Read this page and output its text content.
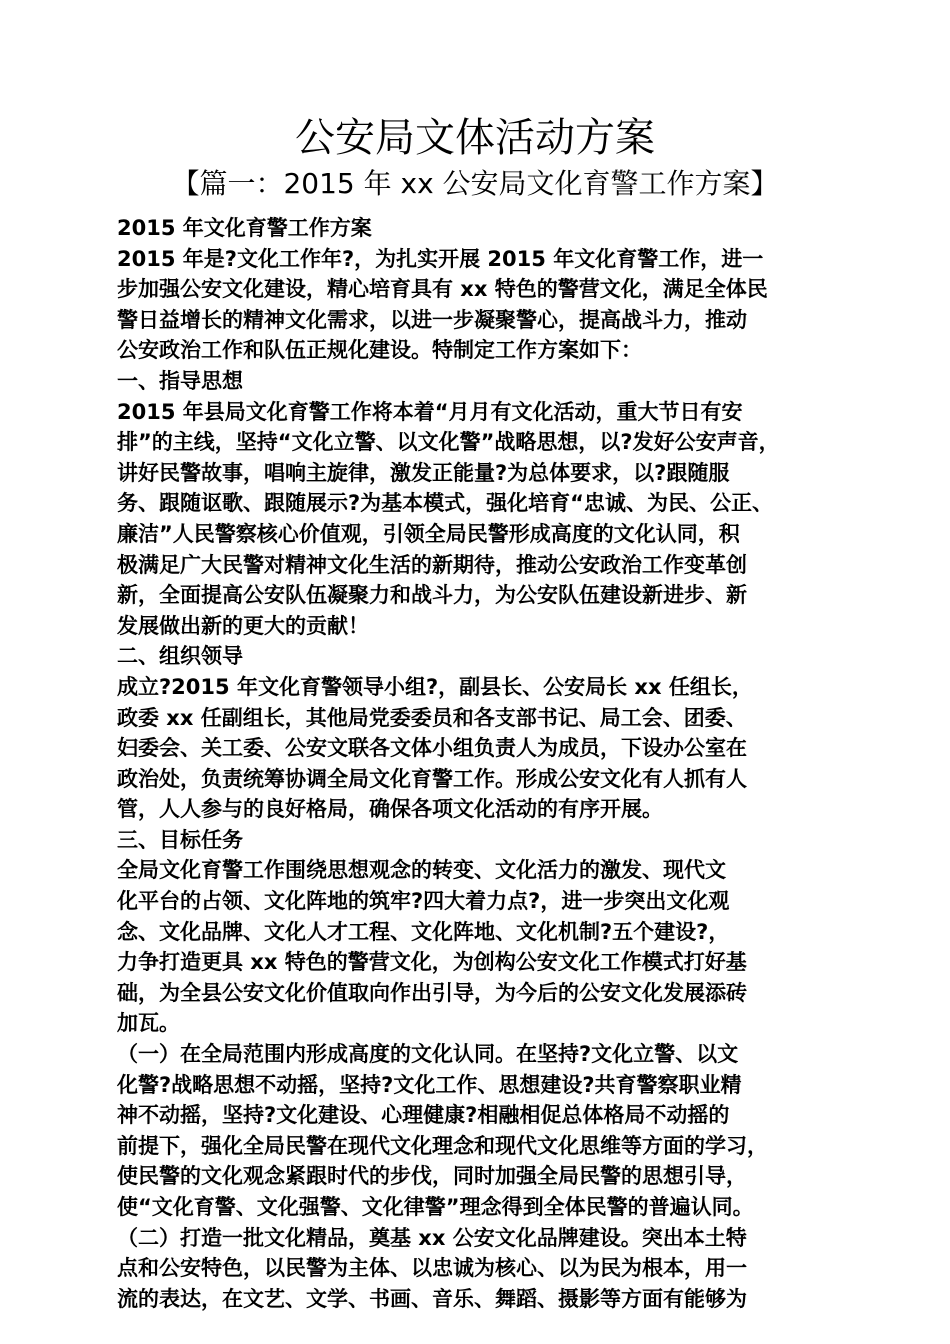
公安局文体活动方案
【篇一：2015 年 xx 公安局文化育警工作方案】
2015 年文化育警工作方案
2015 年是?文化工作年?，为扎实开展 2015 年文化育警工作，进一
步加强公安文化建设，精心培育具有 xx 特色的警营文化，满足全体民
警日益增长的精神文化需求，以进一步凝聚警心，提高战斗力，推动
公安政治工作和队伍正规化建设。特制定工作方案如下：
一、指导思想
2015 年县局文化育警工作将本着“月月有文化活动，重大节日有安
排”的主线，坚持“文化立警、以文化警”战略思想，以?发好公安声音，
讲好民警故事，唱响主旋律，激发正能量?为总体要求，以?跟随服
务、跟随讴歌、跟随展示?为基本模式，强化培育“忠诚、为民、公正、
廉洁”人民警察核心价值观，引领全局民警形成高度的文化认同，积
极满足广大民警对精神文化生活的新期待，推动公安政治工作变革创
新，全面提高公安队伍凝聚力和战斗力，为公安队伍建设新进步、新
发展做出新的更大的贡献！
二、组织领导
成立?2015 年文化育警领导小组?，副县长、公安局长 xx 任组长，
政委 xx 任副组长，其他局党委委员和各支部书记、局工会、团委、
妇委会、关工委、公安文联各文体小组负责人为成员，下设办公室在
政治处，负责统筹协调全局文化育警工作。形成公安文化有人抓有人
管，人人参与的良好格局，确保各项文化活动的有序开展。
三、目标任务
全局文化育警工作围绕思想观念的转变、文化活力的激发、现代文
化平台的占领、文化阵地的筑牢?四大着力点?，进一步突出文化观
念、文化品牌、文化人才工程、文化阵地、文化机制?五个建设?，
力争打造更具 xx 特色的警营文化，为创构公安文化工作模式打好基
础，为全县公安文化价值取向作出引导，为今后的公安文化发展添砖
加瓦。
（一）在全局范围内形成高度的文化认同。在坚持?文化立警、以文
化警?战略思想不动摇，坚持?文化工作、思想建设?共育警察职业精
神不动摇，坚持?文化建设、心理健康?相融相促总体格局不动摇的
前提下，强化全局民警在现代文化理念和现代文化思维等方面的学习，
使民警的文化观念紧跟时代的步伐，同时加强全局民警的思想引导，
使“文化育警、文化强警、文化律警”理念得到全体民警的普遍认同。
（二）打造一批文化精品，奠基 xx 公安文化品牌建设。突出本土特
点和公安特色，以民警为主体、以忠诚为核心、以为民为根本，用一
流的表达，在文艺、文学、书画、音乐、舞蹈、摄影等方面有能够为
